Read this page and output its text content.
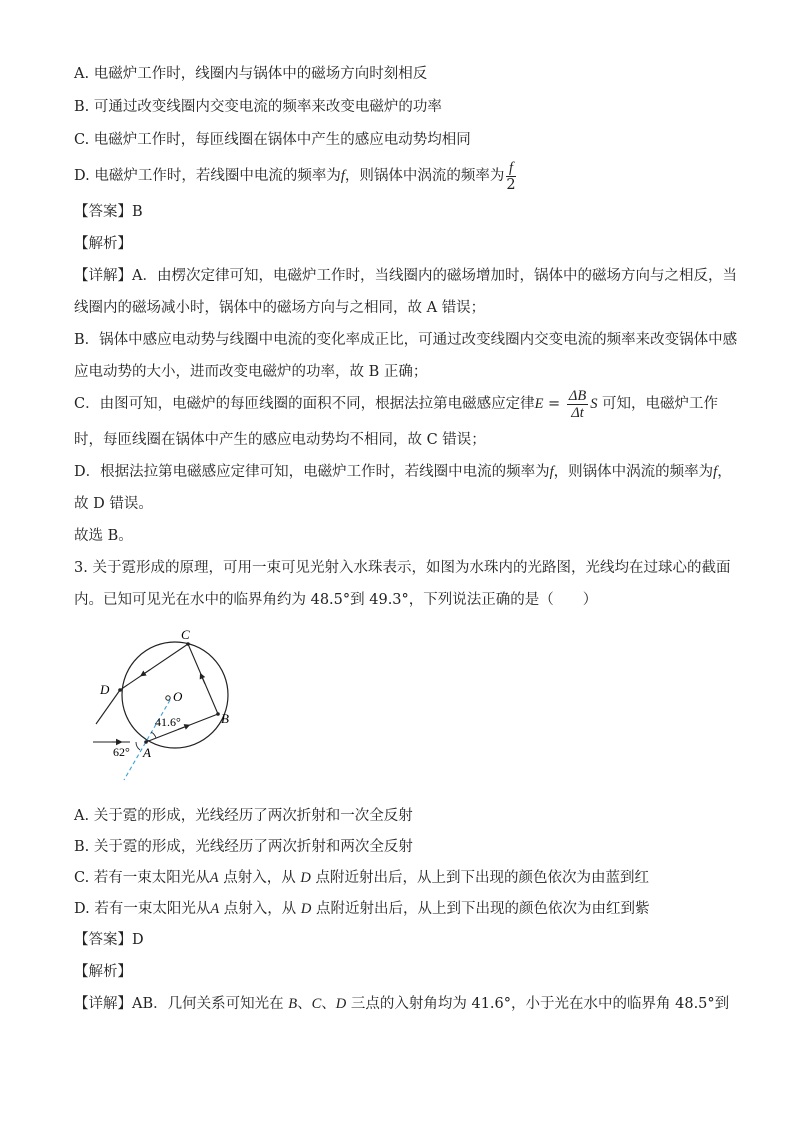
A. 电磁炉工作时，线圈内与锅体中的磁场方向时刻相反
B. 可通过改变线圈内交变电流的频率来改变电磁炉的功率
C. 电磁炉工作时，每匝线圈在锅体中产生的感应电动势均相同
D. 电磁炉工作时，若线圈中电流的频率为f，则锅体中涡流的频率为 $\frac{f}{2}$
【答案】B
【解析】
【详解】A．由楞次定律可知，电磁炉工作时，当线圈内的磁场增加时，锅体中的磁场方向与之相反，当
线圈内的磁场减小时，锅体中的磁场方向与之相同，故 A 错误；
B．锅体中感应电动势与线圈中电流的变化率成正比，可通过改变线圈内交变电流的频率来改变锅体中感
应电动势的大小，进而改变电磁炉的功率，故 B 正确；
C．由图可知，电磁炉的每匝线圈的面积不同，根据法拉第电磁感应定律$E = \frac{\Delta B}{\Delta t}$ S 可知，电磁炉工作
时，每匝线圈在锅体中产生的感应电动势均不相同，故 C 错误；
D．根据法拉第电磁感应定律可知，电磁炉工作时，若线圈中电流的频率为f，则锅体中涡流的频率为f，
故 D 错误。
故选 B。
3. 关于霓形成的原理，可用一束可见光射入水珠表示，如图为水珠内的光路图，光线均在过球心的截面
内。已知可见光在水中的临界角约为 48.5°到 49.3°，下列说法正确的是（　　）
C
D	O
B
A
41.6°
62°
A. 关于霓的形成，光线经历了两次折射和一次全反射
B. 关于霓的形成，光线经历了两次折射和两次全反射
C. 若有一束太阳光从A 点射入，从 D 点附近射出后，从上到下出现的颜色依次为由蓝到红
D. 若有一束太阳光从A 点射入，从 D 点附近射出后，从上到下出现的颜色依次为由红到紫
【答案】D
【解析】
【详解】AB．几何关系可知光在 B、C、D 三点的入射角均为 41.6°，小于光在水中的临界角 48.5°到
